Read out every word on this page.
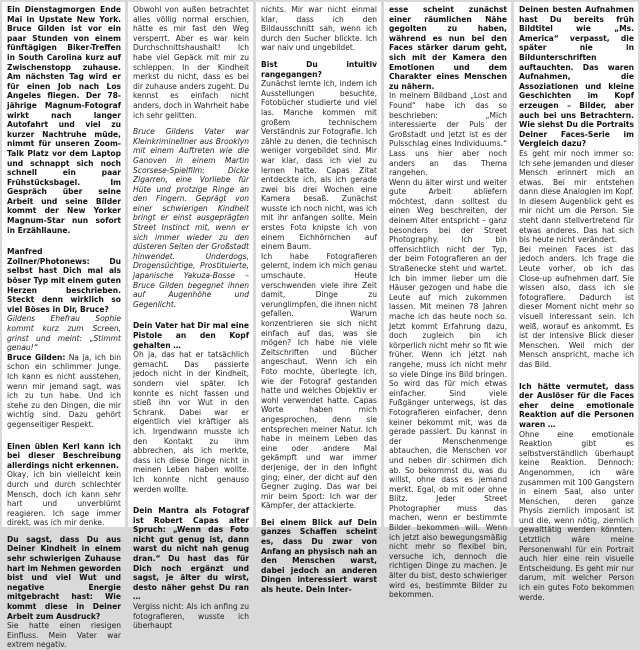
Ein Dienstagmorgen Ende Mai in Upstate New York. Bruce Gilden ist vor ein paar Stunden von einem fünftägigen Biker-Treffen in South Carolina kurz auf Zwischenstopp zuhause. Am nächsten Tag wird er für einen Job nach Los Angeles fliegen. Der 78-jährige Magnum-Fotograf wirkt nach langer Autofahrt und viel zu kurzer Nachtruhe müde, nimmt für unseren Zoom-Talk Platz vor dem Laptop und schnappt sich noch schnell ein paar Frühstücksbagel. Im Gespräch über seine Arbeit und seine Bilder kommt der New Yorker Magnum-Star nun sofort in Erzähllaune.

Manfred Zollner/Photonews: Du selbst hast Dich mal als böser Typ mit einem guten Herzen beschrieben. Steckt denn wirklich so viel Böses in Dir, Bruce?

Gildens Ehefrau Sophie kommt kurz zum Screen, grinst und meint: „Stimmt genau!“

Bruce Gilden: Na ja, ich bin schon ein schlimmer Junge. Ich kann es nicht ausstehen, wenn mir jemand sagt, was ich zu tun habe. Und ich stehe zu den Dingen, die mir wichtig sind. Dazu gehört gegenseitiger Respekt.

Einen üblen Kerl kann ich bei dieser Beschreibung allerdings nicht erkennen.

Okay, ich bin vielleicht kein durch und durch schlechter Mensch, doch ich kann sehr hart und unverblümt reagieren. Ich sage immer direkt, was ich mir denke.

Du sagst, dass Du aus Deiner Kindheit in einem sehr schwierigen Zuhause hart im Nehmen geworden bist und viel Wut und negative Energie mitgebracht hast: Wie kommt diese in Deiner Arbeit zum Ausdruck?

Sie hatte einen riesigen Einfluss. Mein Vater war extrem negativ.

Obwohl von außen betrachtet alles völlig normal erschien, hätte es mir fast den Weg versperrt. Aber es war kein Durchschnittshaushalt! Ich habe viel Gepäck mit mir zu schleppen. In der Kindheit merkst du nicht, dass es bei dir zuhause anders zugeht. Du kennst es einfach nicht anders, doch in Wahrheit habe ich sehr gelitten.

Bruce Gildens Vater war Kleinkriminellner aus Brooklyn mit einem Auftreten wie die Ganoven in einem Martin Scorsese-Spielfilm: Dicke Zigarren, eine Vorliebe für Hüte und protzige Ringe an den Fingern. Geprägt von einer schwierigen Kindheit bringt er einst ausgeprägten Street Instinct mit, wenn er sich immer wieder zu den düsteren Seiten der Großstadt hinwendet. Underdogs, Drogensüchtige, Prostituierte, japanische Yakuza-Bosse – Bruce Gilden begegnet ihnen auf Augenhöhe und Gegenlicht.

Dein Vater hat Dir mal eine Pistole an den Kopf gehalten …

Oh ja, das hat er tatsächlich gemacht. Das passierte jedoch nicht in der Kindheit, sondern viel später. Ich konnte es nicht fassen und stieß ihn vor Wut in den Schrank. Dabei war er eigentlich viel kräftiger als ich. Irgendwann musste ich den Kontakt zu ihm abbrechen, als ich merkte, dass ich diese Dinge nicht in meinen Leben haben wollte. Ich konnte nicht genauso werden wollte.

Dein Mantra als Fotograf ist Robert Capas alter Spruch: „Wenn das Foto nicht gut genug ist, dann warst du nicht nah genug dran.“ Du hast das für Dich noch ergänzt und sagst, je älter du wirst, desto näher gehst Du ran …

Vergiss nicht: Als ich anfing zu fotografieren, wusste ich überhaupt

nichts. Mir war nicht einmal klar, dass ich den Bildausschnitt sah, wenn ich durch den Sucher blickte. Ich war naiv und ungebildet.

Bist Du intuitiv rangegangen?

Zunächst lernte ich, indem ich Ausstellungen besuchte, Fotobücher studierte und viel las. Manche kommen mit großem technischem Verständnis zur Fotografie. Ich zähle zu denen, die technisch weniger vorgebildet sind. Mir war klar, dass ich viel zu lernen hatte. Capas Zitat entdeckte ich, als ich gerade zwei bis drei Wochen eine Kamera besaß. Zunächst wusste ich noch nicht, was ich mit ihr anfangen sollte. Mein erstes Foto knipste ich von einem Eichhörnchen auf einem Baum.

Ich habe Fotografieren gelernt, indem ich mich genau umschaute. Heute verschwenden viele ihre Zeit damit, Dinge zu verunglimpfen, die ihnen nicht gefallen. Warum konzentrieren sie sich nicht einfach auf das, was sie mögen? Ich habe nie viele Zeitschriften und Bücher angeschaut. Wenn ich ein Foto mochte, überlegte ich, wie der Fotograf gestanden hatte und welches Objektiv er wohl verwendet hatte. Capas Worte haben mich angesprochen, denn sie entsprechen meiner Natur. Ich habe in meinem Leben das eine oder andere Mal gekämpft und war immer derjenige, der in den Infight ging; einer, der dicht auf den Gegner zuging. Das war bei mir beim Sport: Ich war der Kämpfer, der attackierte.

Bei einem Blick auf Dein ganzes Schaffen scheint es, dass Du zwar von Anfang an physisch nah an den Menschen warst, dabei jedoch an anderen Dingen interessiert warst als heute. Dein Inter-

esse scheint zunächst einer räumlichen Nähe gegolten zu haben, während es nun bei den Faces stärker darum geht, sich mit der Kamera den Emotionen und dem Charakter eines Menschen zu nähern.

In meinem Bildband „Lost and Found“ habe ich das so beschrieben: „Mich interessierte der Puls der Großstadt und jetzt ist es der Pulsschlag eines Individuums.“ Lass uns hier aber noch anders an das Thema rangehen.

Wenn du älter wirst und weiter gute Arbeit abliefern möchtest, dann solltest du einen Weg beschreiten, der deinem Alter entspricht – ganz besonders bei der Street Photography. Ich bin offensichtlich nicht der Typ, der beim Fotografieren an der Straßenecke steht und wartet. Ich bin immer lieber um die Häuser gezogen und habe die Leute auf mich zukommen lassen. Mit meinen 78 Jahren mache ich das heute noch so. Jetzt kommt Erfahrung dazu, doch zugleich bin ich körperlich nicht mehr so fit wie früher. Wenn ich jetzt nah rangehe, muss ich nicht mehr so viele Dinge ins Bild bringen. So wird das für mich etwas einfacher. Sind viele Fußgänger unterwegs, ist das Fotografieren einfacher, denn keiner bekommt mit, was da gerade passiert. Du kannst in der Menschenmenge abtauchen, die Menschen vor und neben dir schirmen dich ab. So bekommst du, was du willst, ohne dass es jemand merkt. Egal, ob mit oder ohne Blitz. Jeder Street Photographer muss das machen, wenn er bestimmte Bilder bekommen will. Wenn ich jetzt also bewegungsmäßig nicht mehr so flexibel bin, versuche ich, dennoch die richtigen Dinge zu machen. Je älter du bist, desto schwieriger wird es, bestimmte Bilder zu bekommen.

Deinen besten Aufnahmen hast Du bereits früh Bildtitel wie „Ms. America“ verpasst, die später nie in Bildunterschriften auftauchten. Das waren Aufnahmen, die Assoziationen und kleine Geschichten im Kopf erzeugen – Bilder, aber auch bei uns Betrachtern. Wie siehst Du die Portraits Deiner Faces-Serie im Vergleich dazu?

Es geht mir noch immer so: Ich sehe jemanden und dieser Mensch erinnert mich an etwas. Bei mir entstehen dann diese Analogien im Kopf. In diesem Augenblick geht es mir nicht um die Person. Sie steht dann stellvertretend für etwas anderes. Das hat sich bis heute nicht verändert.

Bei meinen Faces ist das jedoch anders. Ich frage die Leute vorher, ob ich das Close-up aufnehmen darf. Sie wissen also, dass ich sie fotografiere. Dadurch ist dieser Moment nicht mehr so visuell interessant sein. Ich weiß, worauf es ankommt. Es ist der intensive Blick dieser Menschen. Weil mich der Mensch anspricht, mache ich das Bild.

Ich hätte vermutet, dass der Auslöser für die Faces eher deine emotionale Reaktion auf die Personen waren …

Ohne eine emotionale Reaktion gibt es selbstverständlich überhaupt keine Reaktion. Dennoch: Angenommen, ich wäre zusammen mit 100 Gangstern in einem Saal, also unter Menschen, deren ganze Physis ziemlich imposant ist und die, wenn nötig, ziemlich gewalttätig werden könnten. Letztlich wäre meine Personenwahl für ein Portrait auch hier eine rein visuelle Entscheidung. Es geht mir nur darum, mit welcher Person ich ein gutes Foto bekommen werde.
